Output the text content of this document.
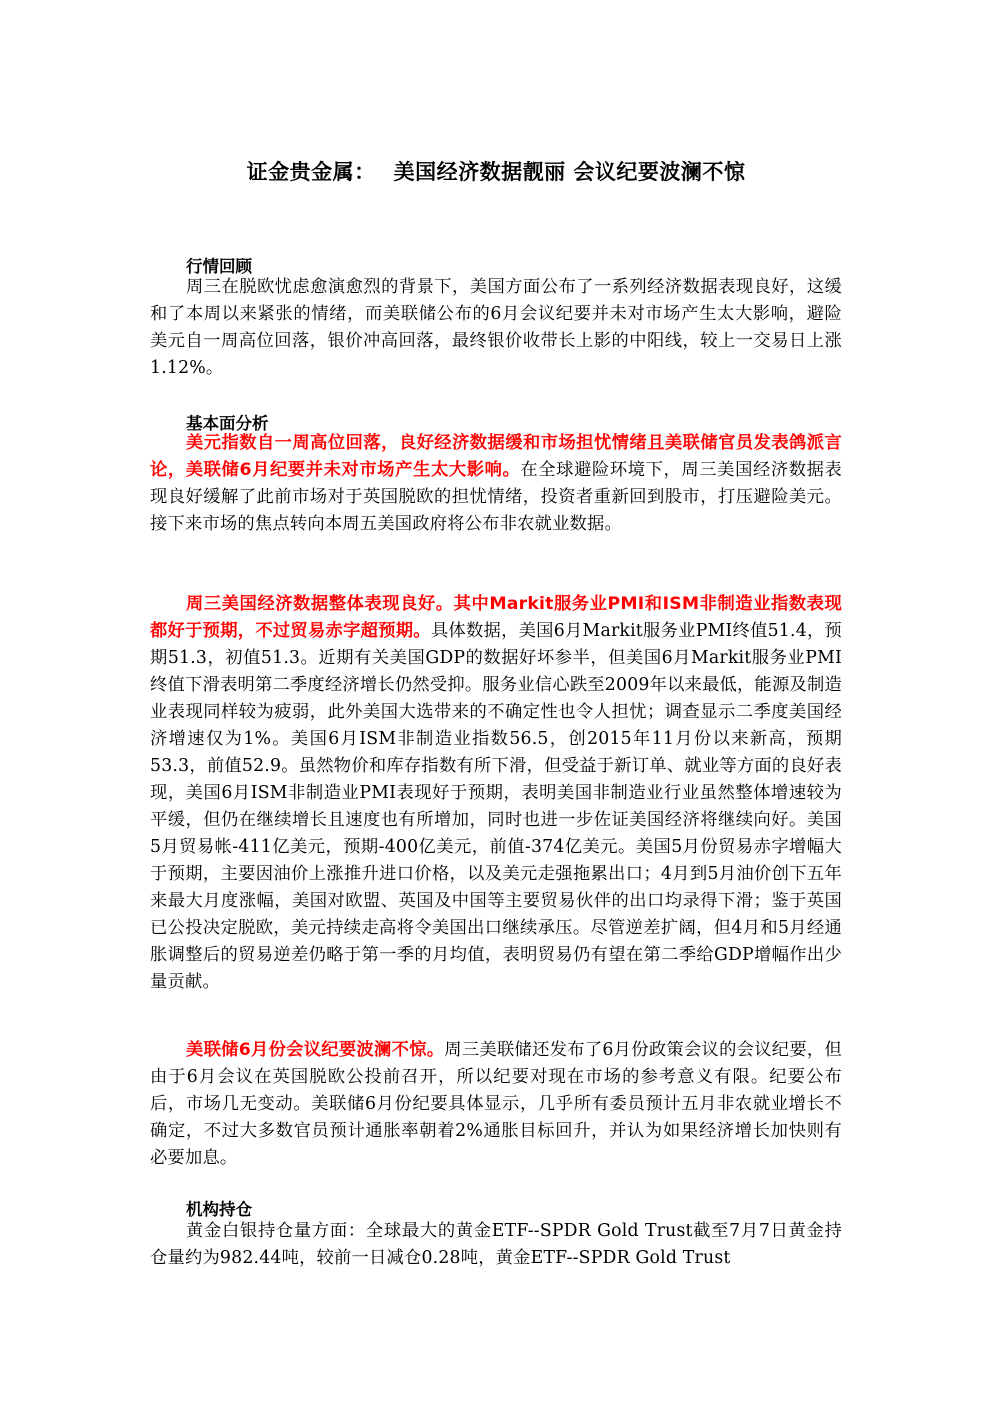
证金贵金属： 美国经济数据靓丽 会议纪要波澜不惊
行情回顾

周三在脱欧忧虑愈演愈烈的背景下，美国方面公布了一系列经济数据表现良好，这缓和了本周以来紧张的情绪，而美联储公布的6月会议纪要并未对市场产生太大影响，避险美元自一周高位回落，银价冲高回落，最终银价收带长上影的中阳线，较上一交易日上涨1.12%。

基本面分析

美元指数自一周高位回落，良好经济数据缓和市场担忧情绪且美联储官员发表鸽派言论，美联储6月纪要并未对市场产生太大影响。在全球避险环境下，周三美国经济数据表现良好缓解了此前市场对于英国脱欧的担忧情绪，投资者重新回到股市，打压避险美元。接下来市场的焦点转向本周五美国政府将公布非农就业数据。

周三美国经济数据整体表现良好。其中Markit服务业PMI和ISM非制造业指数表现都好于预期，不过贸易赤字超预期。具体数据，美国6月Markit服务业PMI终值51.4，预期51.3，初值51.3。近期有关美国GDP的数据好坏参半，但美国6月Markit服务业PMI终值下滑表明第二季度经济增长仍然受抑。服务业信心跌至2009年以来最低，能源及制造业表现同样较为疲弱，此外美国大选带来的不确定性也令人担忧；调查显示二季度美国经济增速仅为1%。美国6月ISM非制造业指数56.5，创2015年11月份以来新高，预期53.3，前值52.9。虽然物价和库存指数有所下滑，但受益于新订单、就业等方面的良好表现，美国6月ISM非制造业PMI表现好于预期，表明美国非制造业行业虽然整体增速较为平缓，但仍在继续增长且速度也有所增加，同时也进一步佐证美国经济将继续向好。美国5月贸易帐-411亿美元，预期-400亿美元，前值-374亿美元。美国5月份贸易赤字增幅大于预期，主要因油价上涨推升进口价格，以及美元走强拖累出口；4月到5月油价创下五年来最大月度涨幅，美国对欧盟、英国及中国等主要贸易伙伴的出口均录得下滑；鉴于英国已公投决定脱欧，美元持续走高将令美国出口继续承压。尽管逆差扩阔，但4月和5月经通胀调整后的贸易逆差仍略于第一季的月均值，表明贸易仍有望在第二季给GDP增幅作出少量贡献。

美联储6月份会议纪要波澜不惊。周三美联储还发布了6月份政策会议的会议纪要，但由于6月会议在英国脱欧公投前召开，所以纪要对现在市场的参考意义有限。纪要公布后，市场几无变动。美联储6月份纪要具体显示，几乎所有委员预计五月非农就业增长不确定，不过大多数官员预计通胀率朝着2%通胀目标回升，并认为如果经济增长加快则有必要加息。

机构持仓

黄金白银持仓量方面：全球最大的黄金ETF--SPDR Gold Trust截至7月7日黄金持仓量约为982.44吨，较前一日减仓0.28吨，黄金ETF--SPDR Gold Trust
